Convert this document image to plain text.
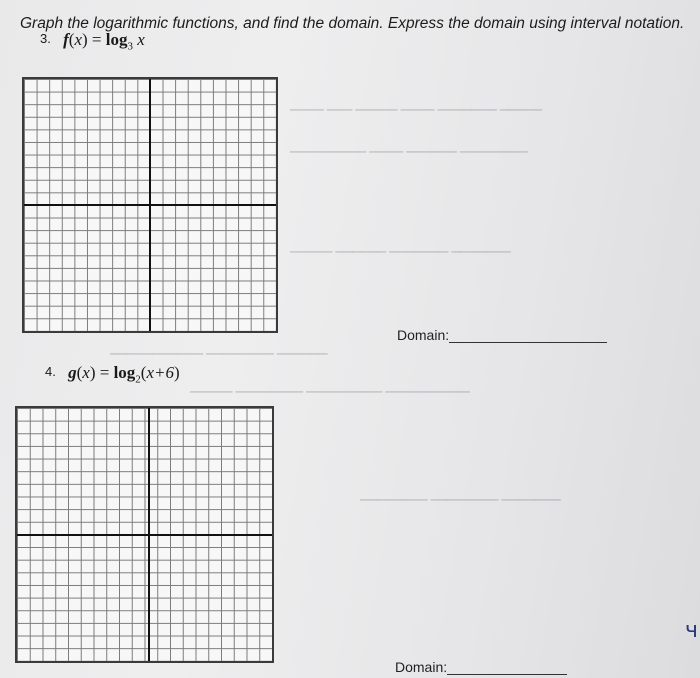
Graph the logarithmic functions, and find the domain. Express the domain using interval notation.
▁▁▁▁ ▁▁▁ ▁▁▁▁▁ ▁▁▁▁ ▁▁▁▁▁▁▁ ▁▁▁▁▁
▁▁▁▁▁▁▁▁▁ ▁▁▁▁ ▁▁▁▁▁▁ ▁▁▁▁▁▁▁▁
▁▁▁▁▁ ▁▁▁▁▁▁ ▁▁▁▁▁▁▁ ▁▁▁▁▁▁▁
▁▁▁▁▁▁▁▁▁▁▁ ▁▁▁▁▁▁▁▁ ▁▁▁▁▁▁
▁▁▁▁▁ ▁▁▁▁▁▁▁▁ ▁▁▁▁▁▁▁▁▁ ▁▁▁▁▁▁▁▁▁▁
▁▁▁▁▁▁▁▁ ▁▁▁▁▁▁▁▁ ▁▁▁▁▁▁▁
3. $f(x) = \log_3 x$
Domain:
4. $g(x) = \log_2(x+6)$
Domain:
ч
